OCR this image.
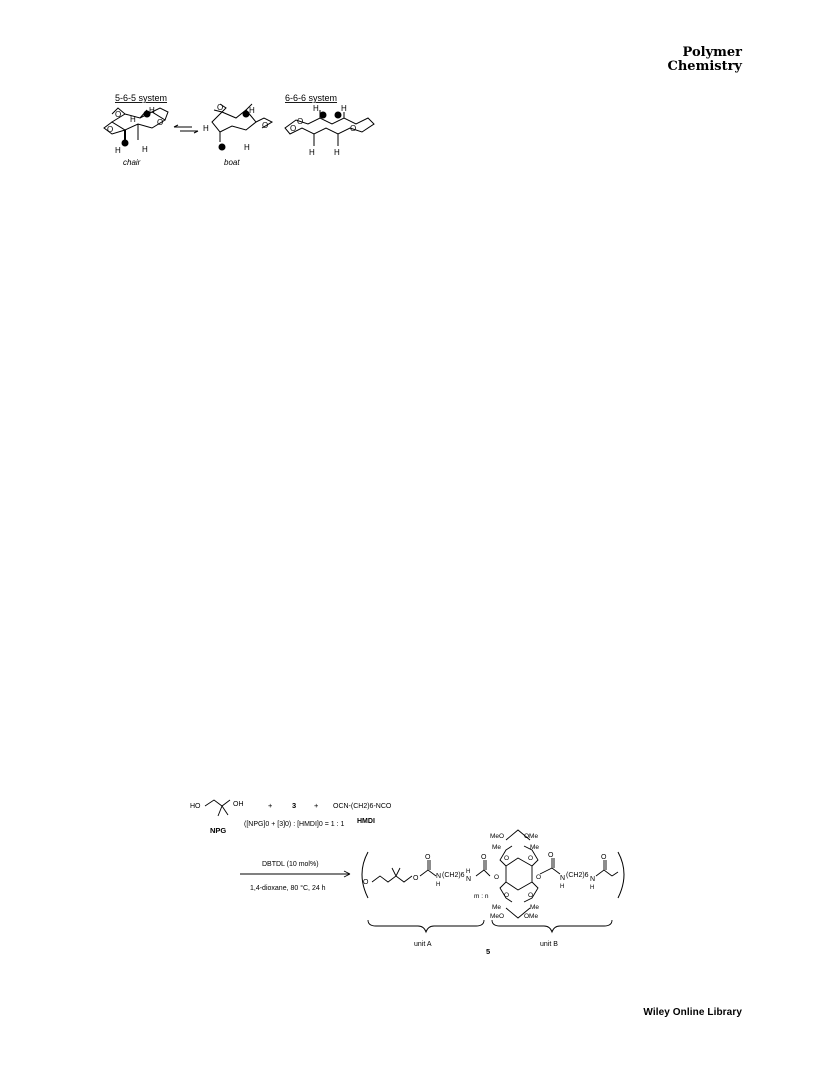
Polymer
Chemistry
5-6-5 system
O
O
O
H
H
H	H
chair
O
O
H
H
H
boat
6-6-6 system
O
O
O
H	H
H H
HO	OH
NPG
+	3 + OCN-(CH2)6-NCO
HMDI
([NPG]0 + [3]0) : [HMDI]0 = 1 : 1
DBTDL (10 mol%)
1,4-dioxane, 80 °C, 24 h
O
O
O
N
H
(CH2)6
N
H
O
MeO	OMe
Me	Me
O	O
m : n
O	O
O	O
Me	Me
MeO	OMe
O
N
H
(CH2)6
N
H
O
unit A	unit B
5
Wiley Online Library
